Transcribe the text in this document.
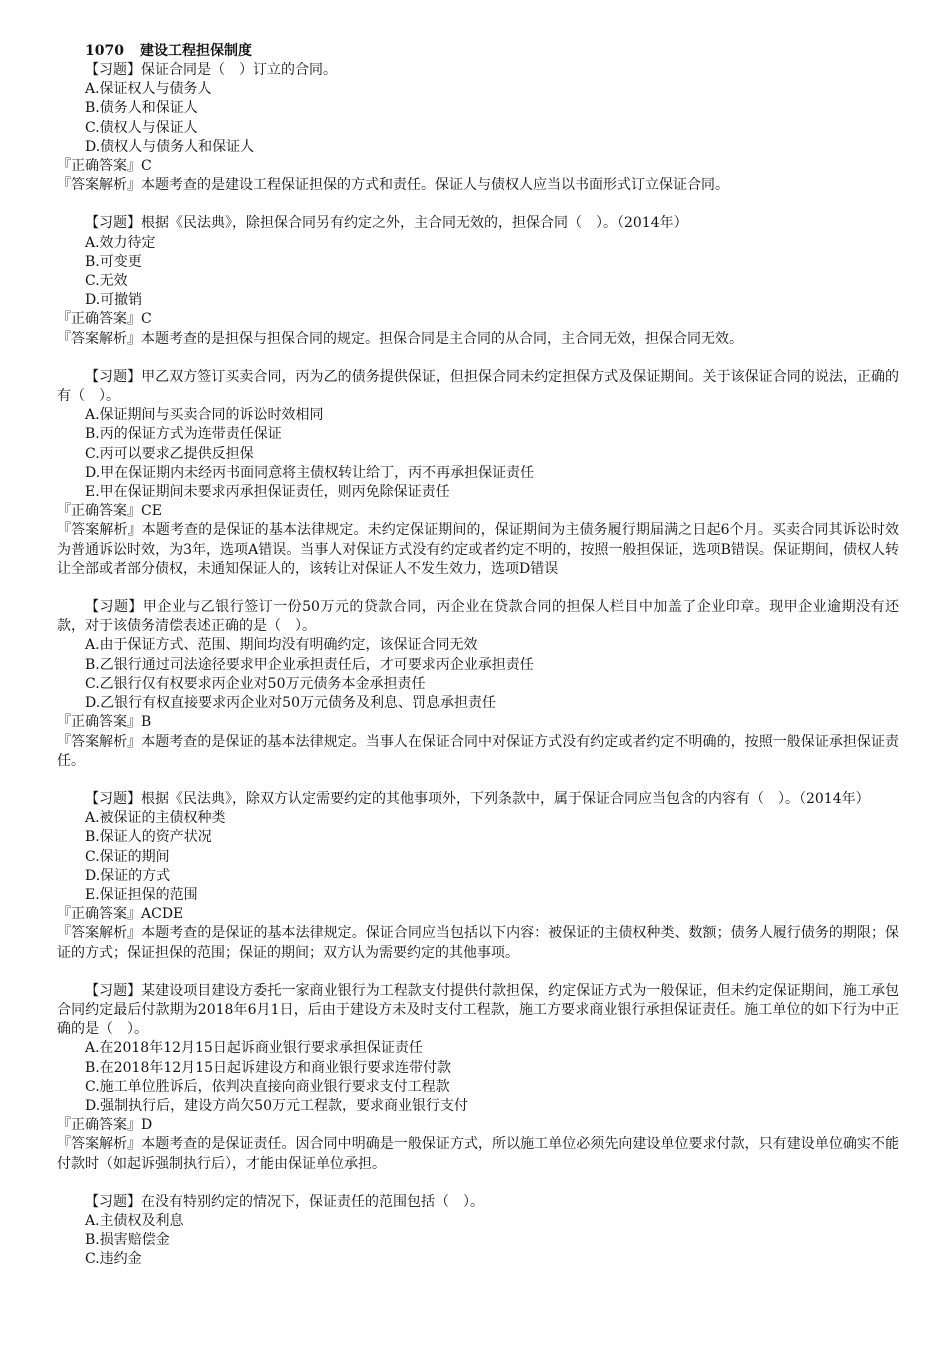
1070 建设工程担保制度
【习题】保证合同是（　）订立的合同。
A.保证权人与债务人
B.债务人和保证人
C.债权人与保证人
D.债权人与债务人和保证人
『正确答案』C
『答案解析』本题考查的是建设工程保证担保的方式和责任。保证人与债权人应当以书面形式订立保证合同。
【习题】根据《民法典》，除担保合同另有约定之外，主合同无效的，担保合同（　）。（2014年）
A.效力待定
B.可变更
C.无效
D.可撤销
『正确答案』C
『答案解析』本题考查的是担保与担保合同的规定。担保合同是主合同的从合同，主合同无效，担保合同无效。
【习题】甲乙双方签订买卖合同，丙为乙的债务提供保证，但担保合同未约定担保方式及保证期间。关于该保证合同的说法，正确的有（　）。
A.保证期间与买卖合同的诉讼时效相同
B.丙的保证方式为连带责任保证
C.丙可以要求乙提供反担保
D.甲在保证期内未经丙书面同意将主债权转让给丁，丙不再承担保证责任
E.甲在保证期间未要求丙承担保证责任，则丙免除保证责任
『正确答案』CE
『答案解析』本题考查的是保证的基本法律规定。未约定保证期间的，保证期间为主债务履行期届满之日起6个月。买卖合同其诉讼时效为普通诉讼时效，为3年，选项A错误。当事人对保证方式没有约定或者约定不明的，按照一般担保证，选项B错误。保证期间，债权人转让全部或者部分债权，未通知保证人的，该转让对保证人不发生效力，选项D错误
【习题】甲企业与乙银行签订一份50万元的贷款合同，丙企业在贷款合同的担保人栏目中加盖了企业印章。现甲企业逾期没有还款，对于该债务清偿表述正确的是（　）。
A.由于保证方式、范围、期间均没有明确约定，该保证合同无效
B.乙银行通过司法途径要求甲企业承担责任后，才可要求丙企业承担责任
C.乙银行仅有权要求丙企业对50万元债务本金承担责任
D.乙银行有权直接要求丙企业对50万元债务及利息、罚息承担责任
『正确答案』B
『答案解析』本题考查的是保证的基本法律规定。当事人在保证合同中对保证方式没有约定或者约定不明确的，按照一般保证承担保证责任。
【习题】根据《民法典》，除双方认定需要约定的其他事项外，下列条款中，属于保证合同应当包含的内容有（　）。（2014年）
A.被保证的主债权种类
B.保证人的资产状况
C.保证的期间
D.保证的方式
E.保证担保的范围
『正确答案』ACDE
『答案解析』本题考查的是保证的基本法律规定。保证合同应当包括以下内容：被保证的主债权种类、数额；债务人履行债务的期限；保证的方式；保证担保的范围；保证的期间；双方认为需要约定的其他事项。
【习题】某建设项目建设方委托一家商业银行为工程款支付提供付款担保，约定保证方式为一般保证，但未约定保证期间，施工承包合同约定最后付款期为2018年6月1日，后由于建设方未及时支付工程款，施工方要求商业银行承担保证责任。施工单位的如下行为中正确的是（　）。
A.在2018年12月15日起诉商业银行要求承担保证责任
B.在2018年12月15日起诉建设方和商业银行要求连带付款
C.施工单位胜诉后，依判决直接向商业银行要求支付工程款
D.强制执行后，建设方尚欠50万元工程款，要求商业银行支付
『正确答案』D
『答案解析』本题考查的是保证责任。因合同中明确是一般保证方式，所以施工单位必须先向建设单位要求付款，只有建设单位确实不能付款时（如起诉强制执行后），才能由保证单位承担。
【习题】在没有特别约定的情况下，保证责任的范围包括（　）。
A.主债权及利息
B.损害赔偿金
C.违约金
